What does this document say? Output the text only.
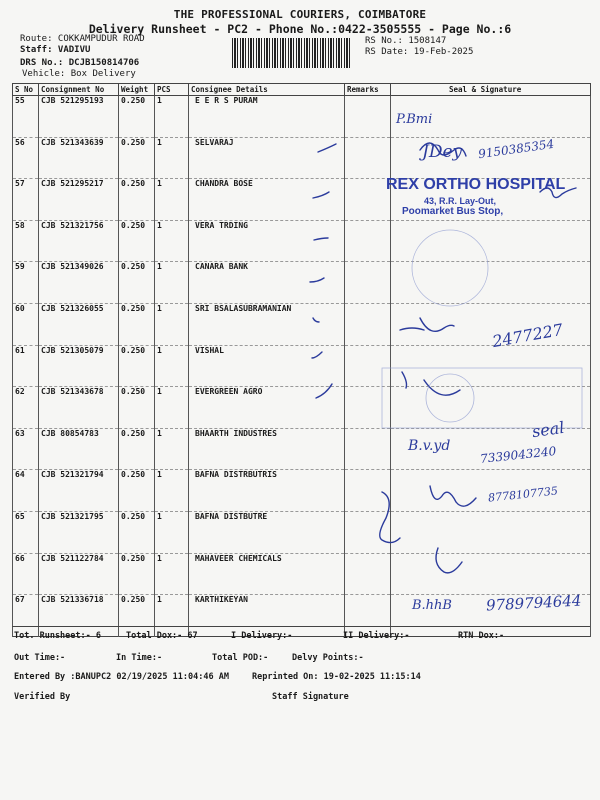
THE PROFESSIONAL COURIERS, COIMBATORE
Delivery Runsheet - PC2 - Phone No.:0422-3505555 - Page No.:6
Route: COKKAMPUDUR ROAD
Staff: VADIVU
DRS No.: DCJB150814706
Vehicle: Box Delivery
RS No.: 1508147
RS Date: 19-Feb-2025
S No	Consignment No	Weight	PCS	Consignee Details	Remarks	Seal & Signature
55	CJB 521295193	0.250	1	E E R S PURAM		
56	CJB 521343639	0.250	1	SELVARAJ		
57	CJB 521295217	0.250	1	CHANDRA BOSE		
58	CJB 521321756	0.250	1	VERA TRDING		
59	CJB 521349026	0.250	1	CANARA BANK		
60	CJB 521326055	0.250	1	SRI BSALASUBRAMANIAN		
61	CJB 521305079	0.250	1	VISHAL		
62	CJB 521343678	0.250	1	EVERGREEN AGRO		
63	CJB 80854783	0.250	1	BHAARTH INDUSTRES		
64	CJB 521321794	0.250	1	BAFNA DISTRBUTRIS		
65	CJB 521321795	0.250	1	BAFNA DISTBUTRE		
66	CJB 521122784	0.250	1	MAHAVEER CHEMICALS		
67	CJB 521336718	0.250	1	KARTHIKEYAN		
P.Bmi
JDey 9150385354
REX ORTHO HOSPITAL
43, R.R. Lay-Out,
Poomarket Bus Stop,
2477227
seal
B.v.yd 7339043240
8778107735
B.hhB 9789794644
Tot. Runsheet:- 6	Total Dox:- 67	I Delivery:-	II Delivery:-	RTN Dox:-
Out Time:-	In Time:-	Total POD:-	Delvy Points:-
Entered By :BANUPC2 02/19/2025 11:04:46 AM	Reprinted On: 19-02-2025 11:15:14
Verified By	Staff Signature
